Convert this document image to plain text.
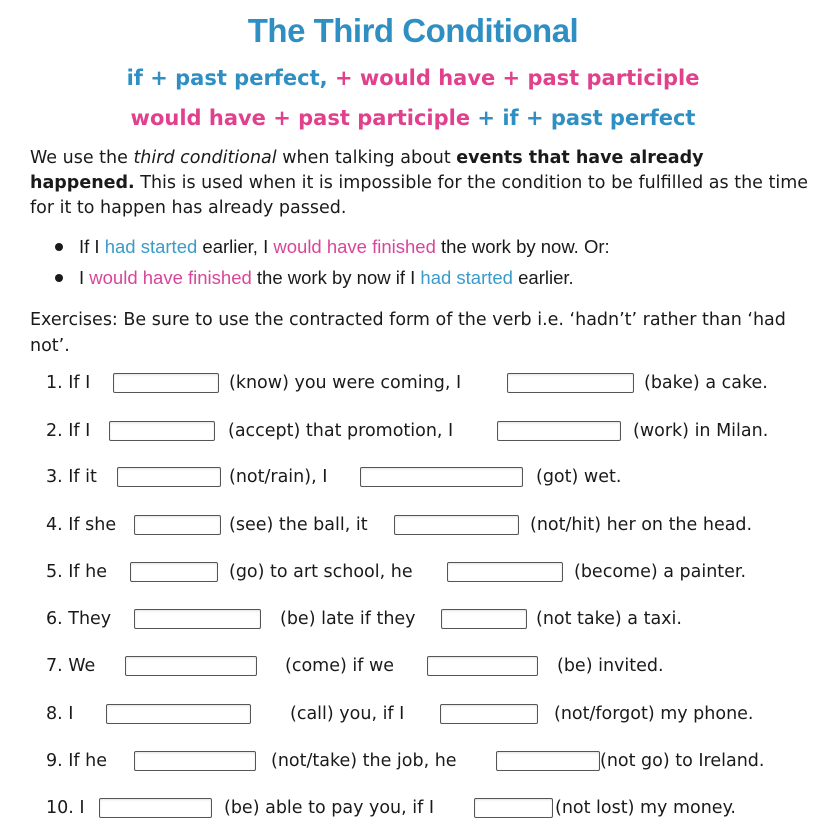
The Third Conditional
if + past perfect, + would have + past participle
would have + past participle + if + past perfect
We use the third conditional when talking about events that have already happened. This is used when it is impossible for the condition to be fulfilled as the time for it to happen has already passed.
If I had started earlier, I would have finished the work by now. Or:
I would have finished the work by now if I had started earlier.
Exercises: Be sure to use the contracted form of the verb i.e. ‘hadn’t’ rather than ‘had not’.
1. If I	(know) you were coming, I	(bake) a cake.
2. If I	(accept) that promotion, I	(work) in Milan.
3. If it	(not/rain), I	(got) wet.
4. If she	(see) the ball, it	(not/hit) her on the head.
5. If he	(go) to art school, he	(become) a painter.
6. They	(be) late if they	(not take) a taxi.
7. We	(come) if we	(be) invited.
8. I	(call) you, if I	(not/forgot) my phone.
9. If he	(not/take) the job, he	(not go) to Ireland.
10. I	(be) able to pay you, if I	(not lost) my money.
